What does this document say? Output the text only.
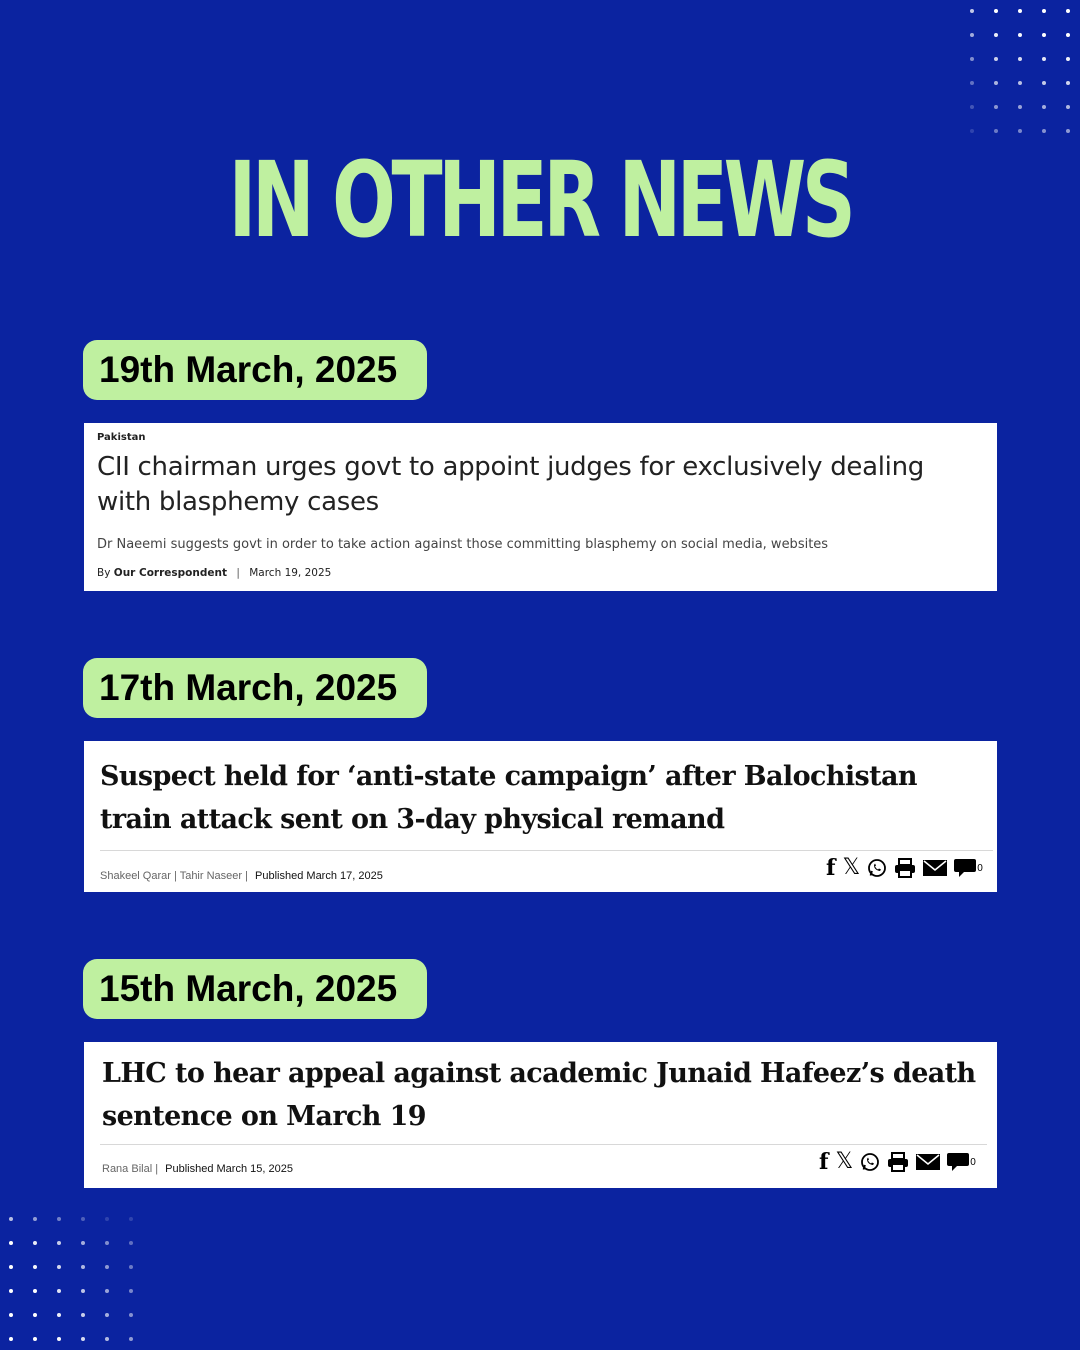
IN OTHER NEWS
19th March, 2025
Pakistan
CII chairman urges govt to appoint judges for exclusively dealing with blasphemy cases
Dr Naeemi suggests govt in order to take action against those committing blasphemy on social media, websites
By Our Correspondent | March 19, 2025
17th March, 2025
Suspect held for ‘anti-state campaign’ after Balochistan train attack sent on 3-day physical remand
Shakeel Qarar | Tahir Naseer | Published March 17, 2025	f 𝕏	0
15th March, 2025
LHC to hear appeal against academic Junaid Hafeez’s death sentence on March 19
Rana Bilal | Published March 15, 2025	f 𝕏	0
